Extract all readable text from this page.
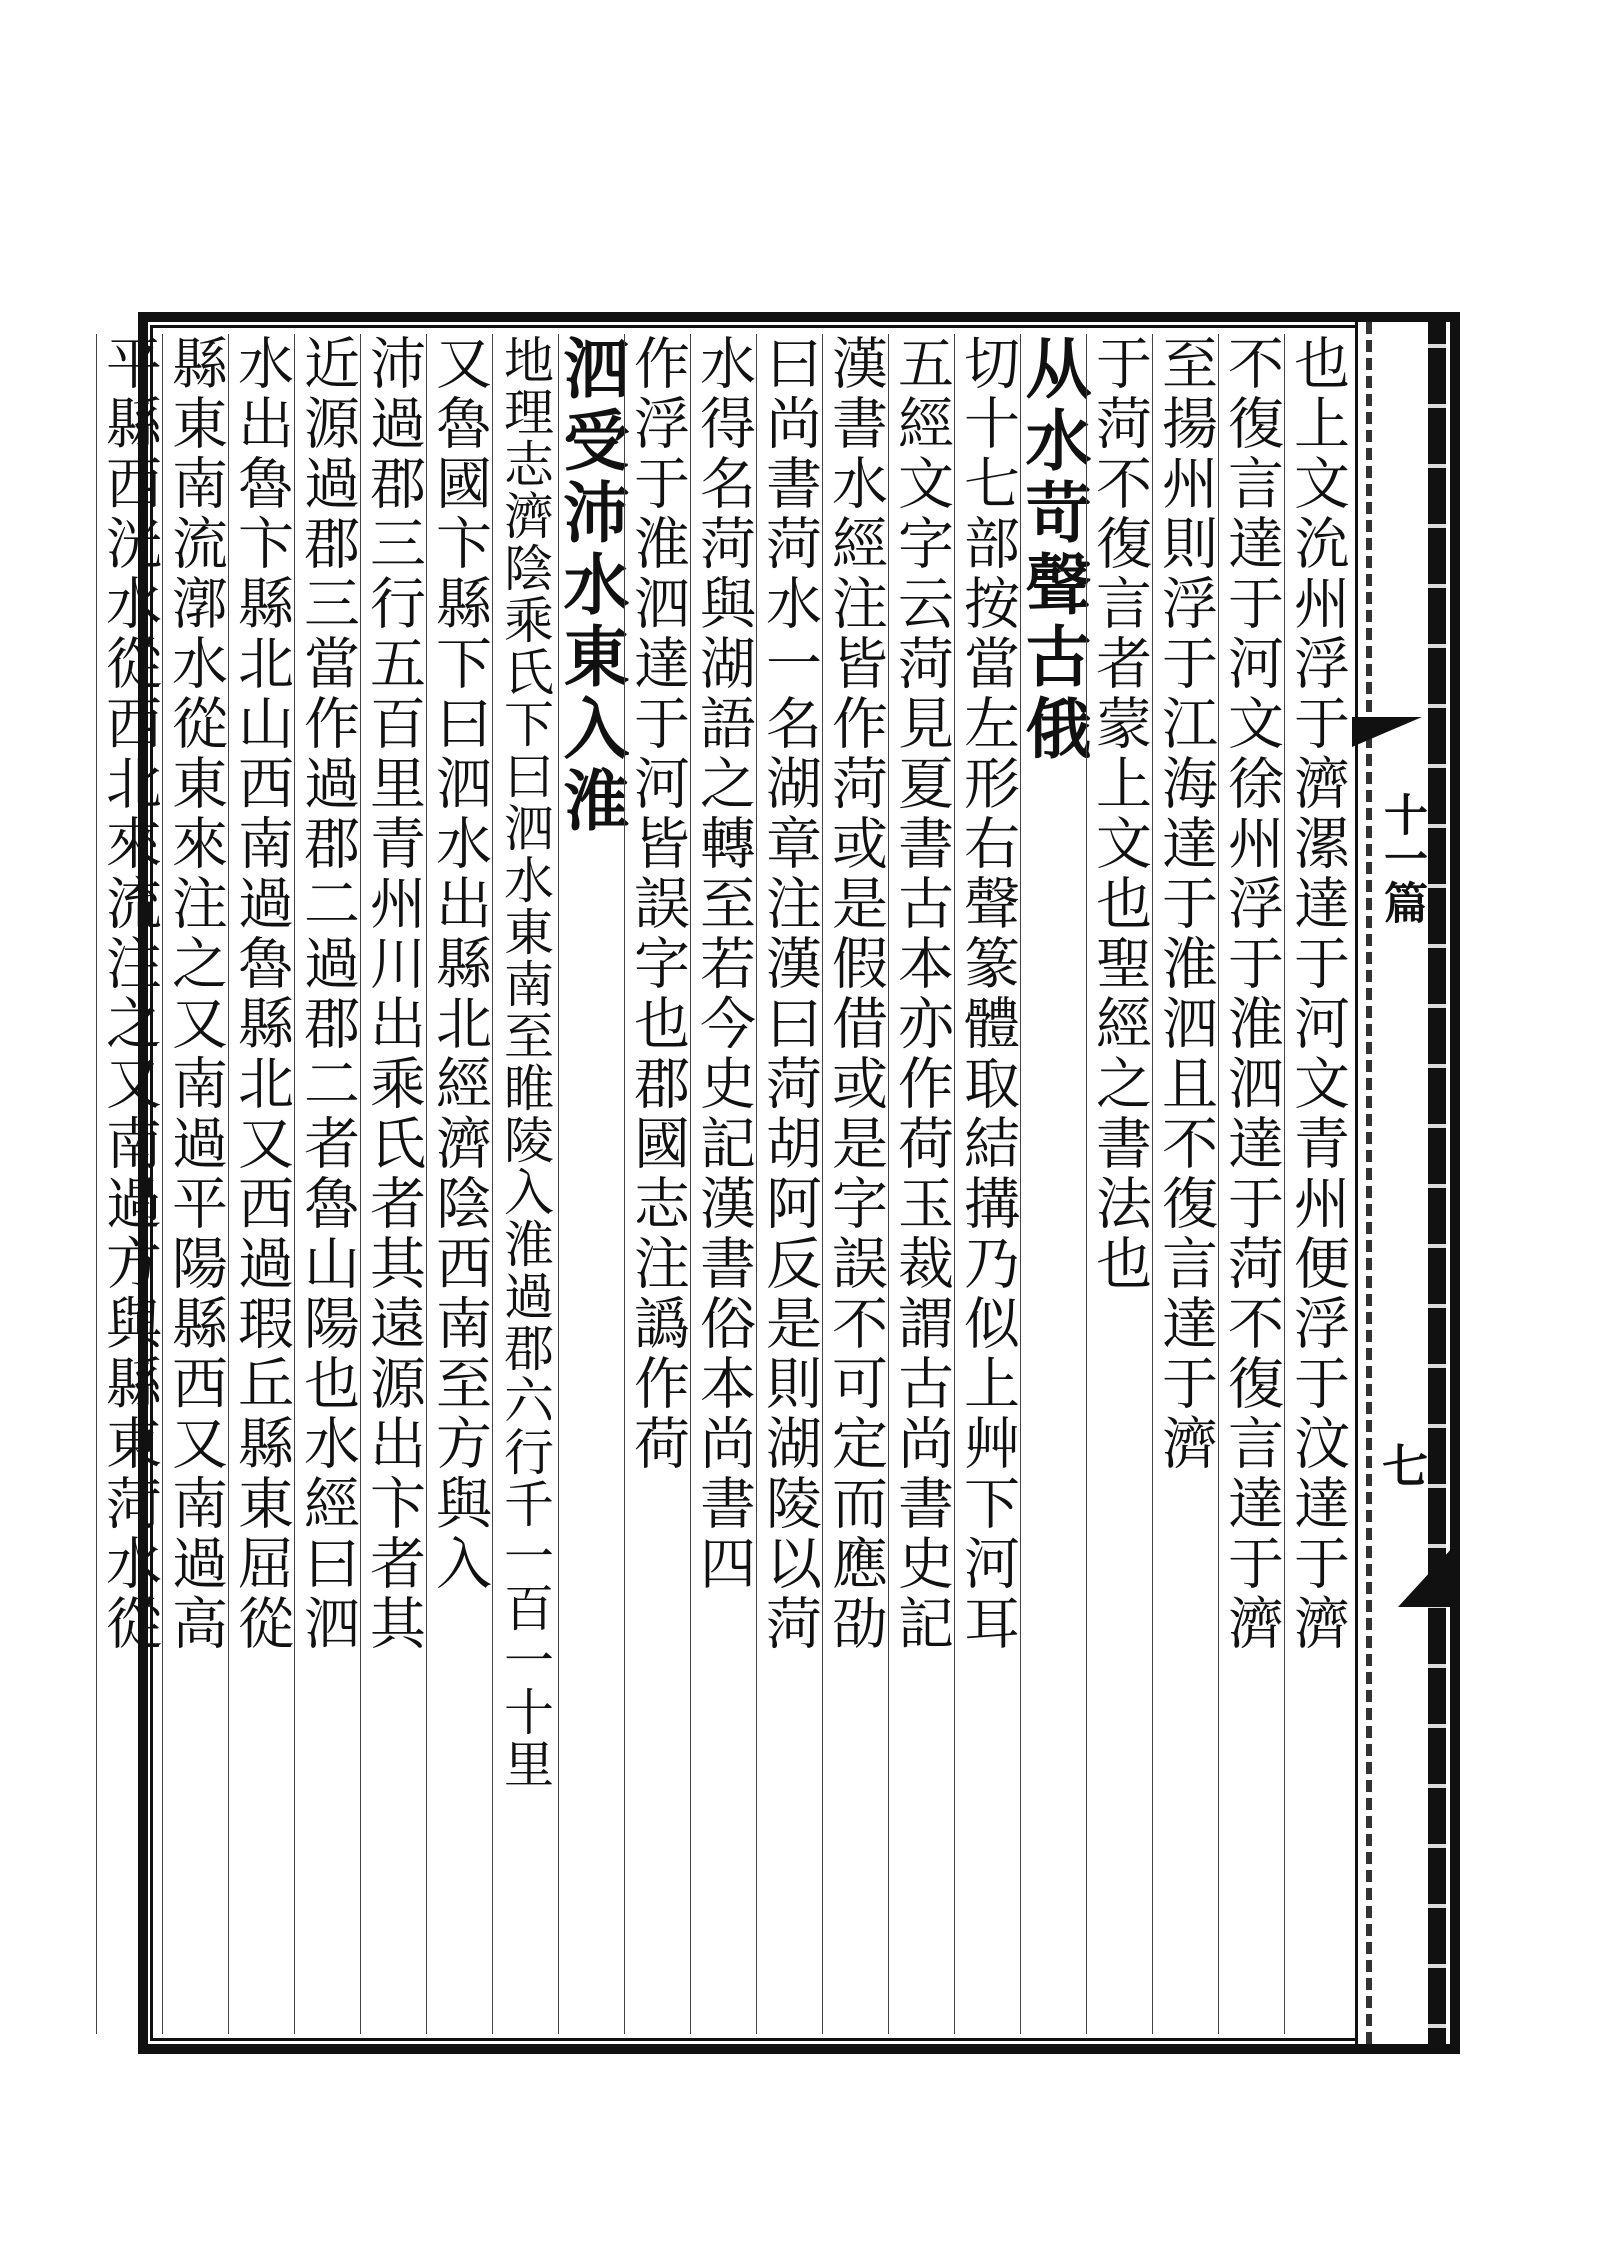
十一篇
七
也上文沇州浮于濟漯達于河文青州便浮于汶達于濟
不復言達于河文徐州浮于淮泗達于菏不復言達于濟
至揚州則浮于江海達于淮泗且不復言達于濟
于菏不復言者蒙上文也聖經之書法也
从水苛聲古俄
切十七部按當左形右聲篆體取結搆乃似上艸下河耳
五經文字云菏見夏書古本亦作荷玉裁謂古尚書史記
漢書水經注皆作菏或是假借或是字誤不可定而應劭
曰尚書菏水一名湖章注漢曰菏胡阿反是則湖陵以菏
水得名菏與湖語之轉至若今史記漢書俗本尚書四
作浮于淮泗達于河皆誤字也郡國志注譌作荷
泗受沛水東入淮
地理志濟陰乘氏下曰泗水東南至睢陵入淮過郡六行千一百一十里
又魯國卞縣下曰泗水出縣北經濟陰西南至方與入
沛過郡三行五百里青州川出乘氏者其遠源出卞者其
近源過郡三當作過郡二過郡二者魯山陽也水經曰泗
水出魯卞縣北山西南過魯縣北又西過瑕丘縣東屈從
縣東南流漷水從東來注之又南過平陽縣西又南過高
平縣西洸水從西北來流注之又南過方與縣東菏水從
